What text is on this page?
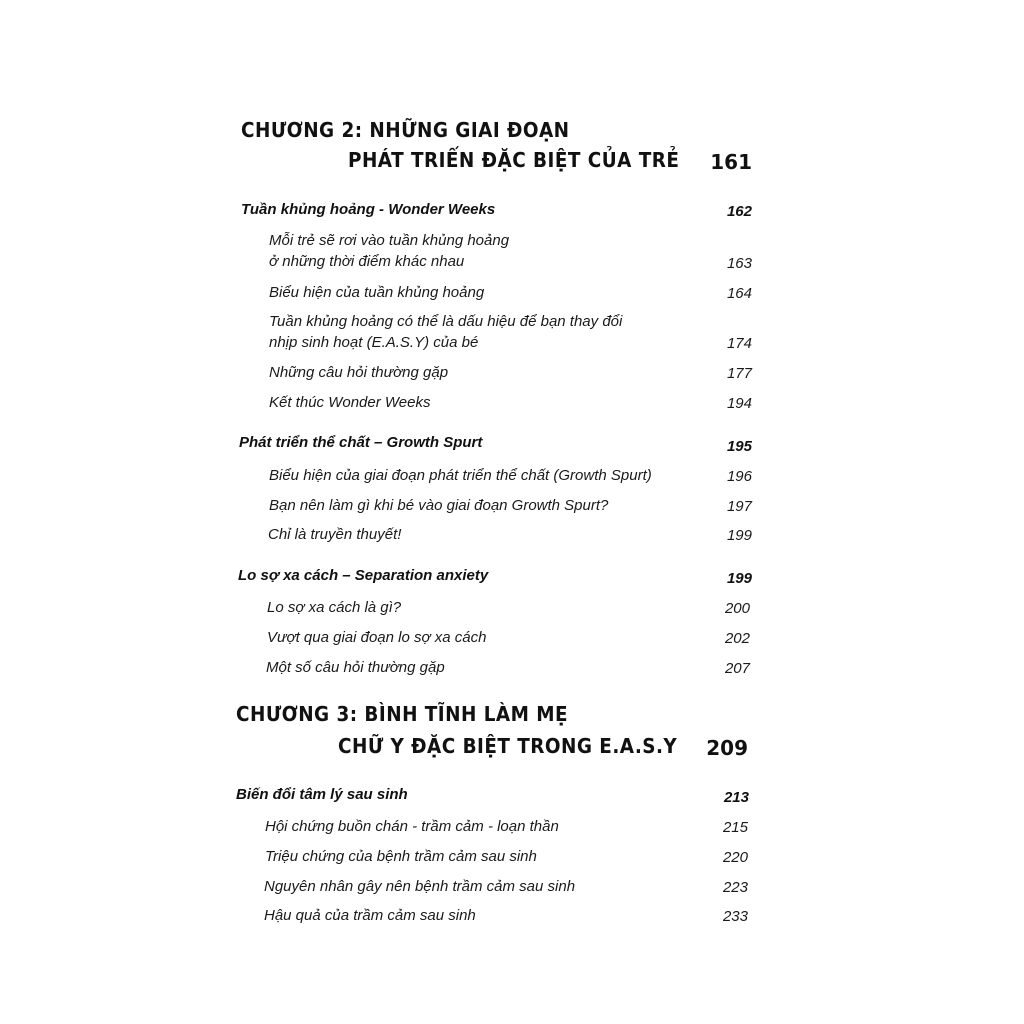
CHƯƠNG 2: NHỮNG GIAI ĐOẠN
PHÁT TRIỂN ĐẶC BIỆT CỦA TRẺ	161
Tuần khủng hoảng - Wonder Weeks	162
Mỗi trẻ sẽ rơi vào tuần khủng hoảng
ở những thời điểm khác nhau	163
Biểu hiện của tuần khủng hoảng	164
Tuần khủng hoảng có thể là dấu hiệu để bạn thay đổi
nhịp sinh hoạt (E.A.S.Y) của bé	174
Những câu hỏi thường gặp	177
Kết thúc Wonder Weeks	194
Phát triển thể chất – Growth Spurt	195
Biểu hiện của giai đoạn phát triển thể chất (Growth Spurt)	196
Bạn nên làm gì khi bé vào giai đoạn Growth Spurt?	197
Chỉ là truyền thuyết!	199
Lo sợ xa cách – Separation anxiety	199
Lo sợ xa cách là gì?	200
Vượt qua giai đoạn lo sợ xa cách	202
Một số câu hỏi thường gặp	207
CHƯƠNG 3: BÌNH TĨNH LÀM MẸ
CHỮ Y ĐẶC BIỆT TRONG E.A.S.Y	209
Biến đổi tâm lý sau sinh	213
Hội chứng buồn chán - trầm cảm - loạn thần	215
Triệu chứng của bệnh trầm cảm sau sinh	220
Nguyên nhân gây nên bệnh trầm cảm sau sinh	223
Hậu quả của trầm cảm sau sinh	233
